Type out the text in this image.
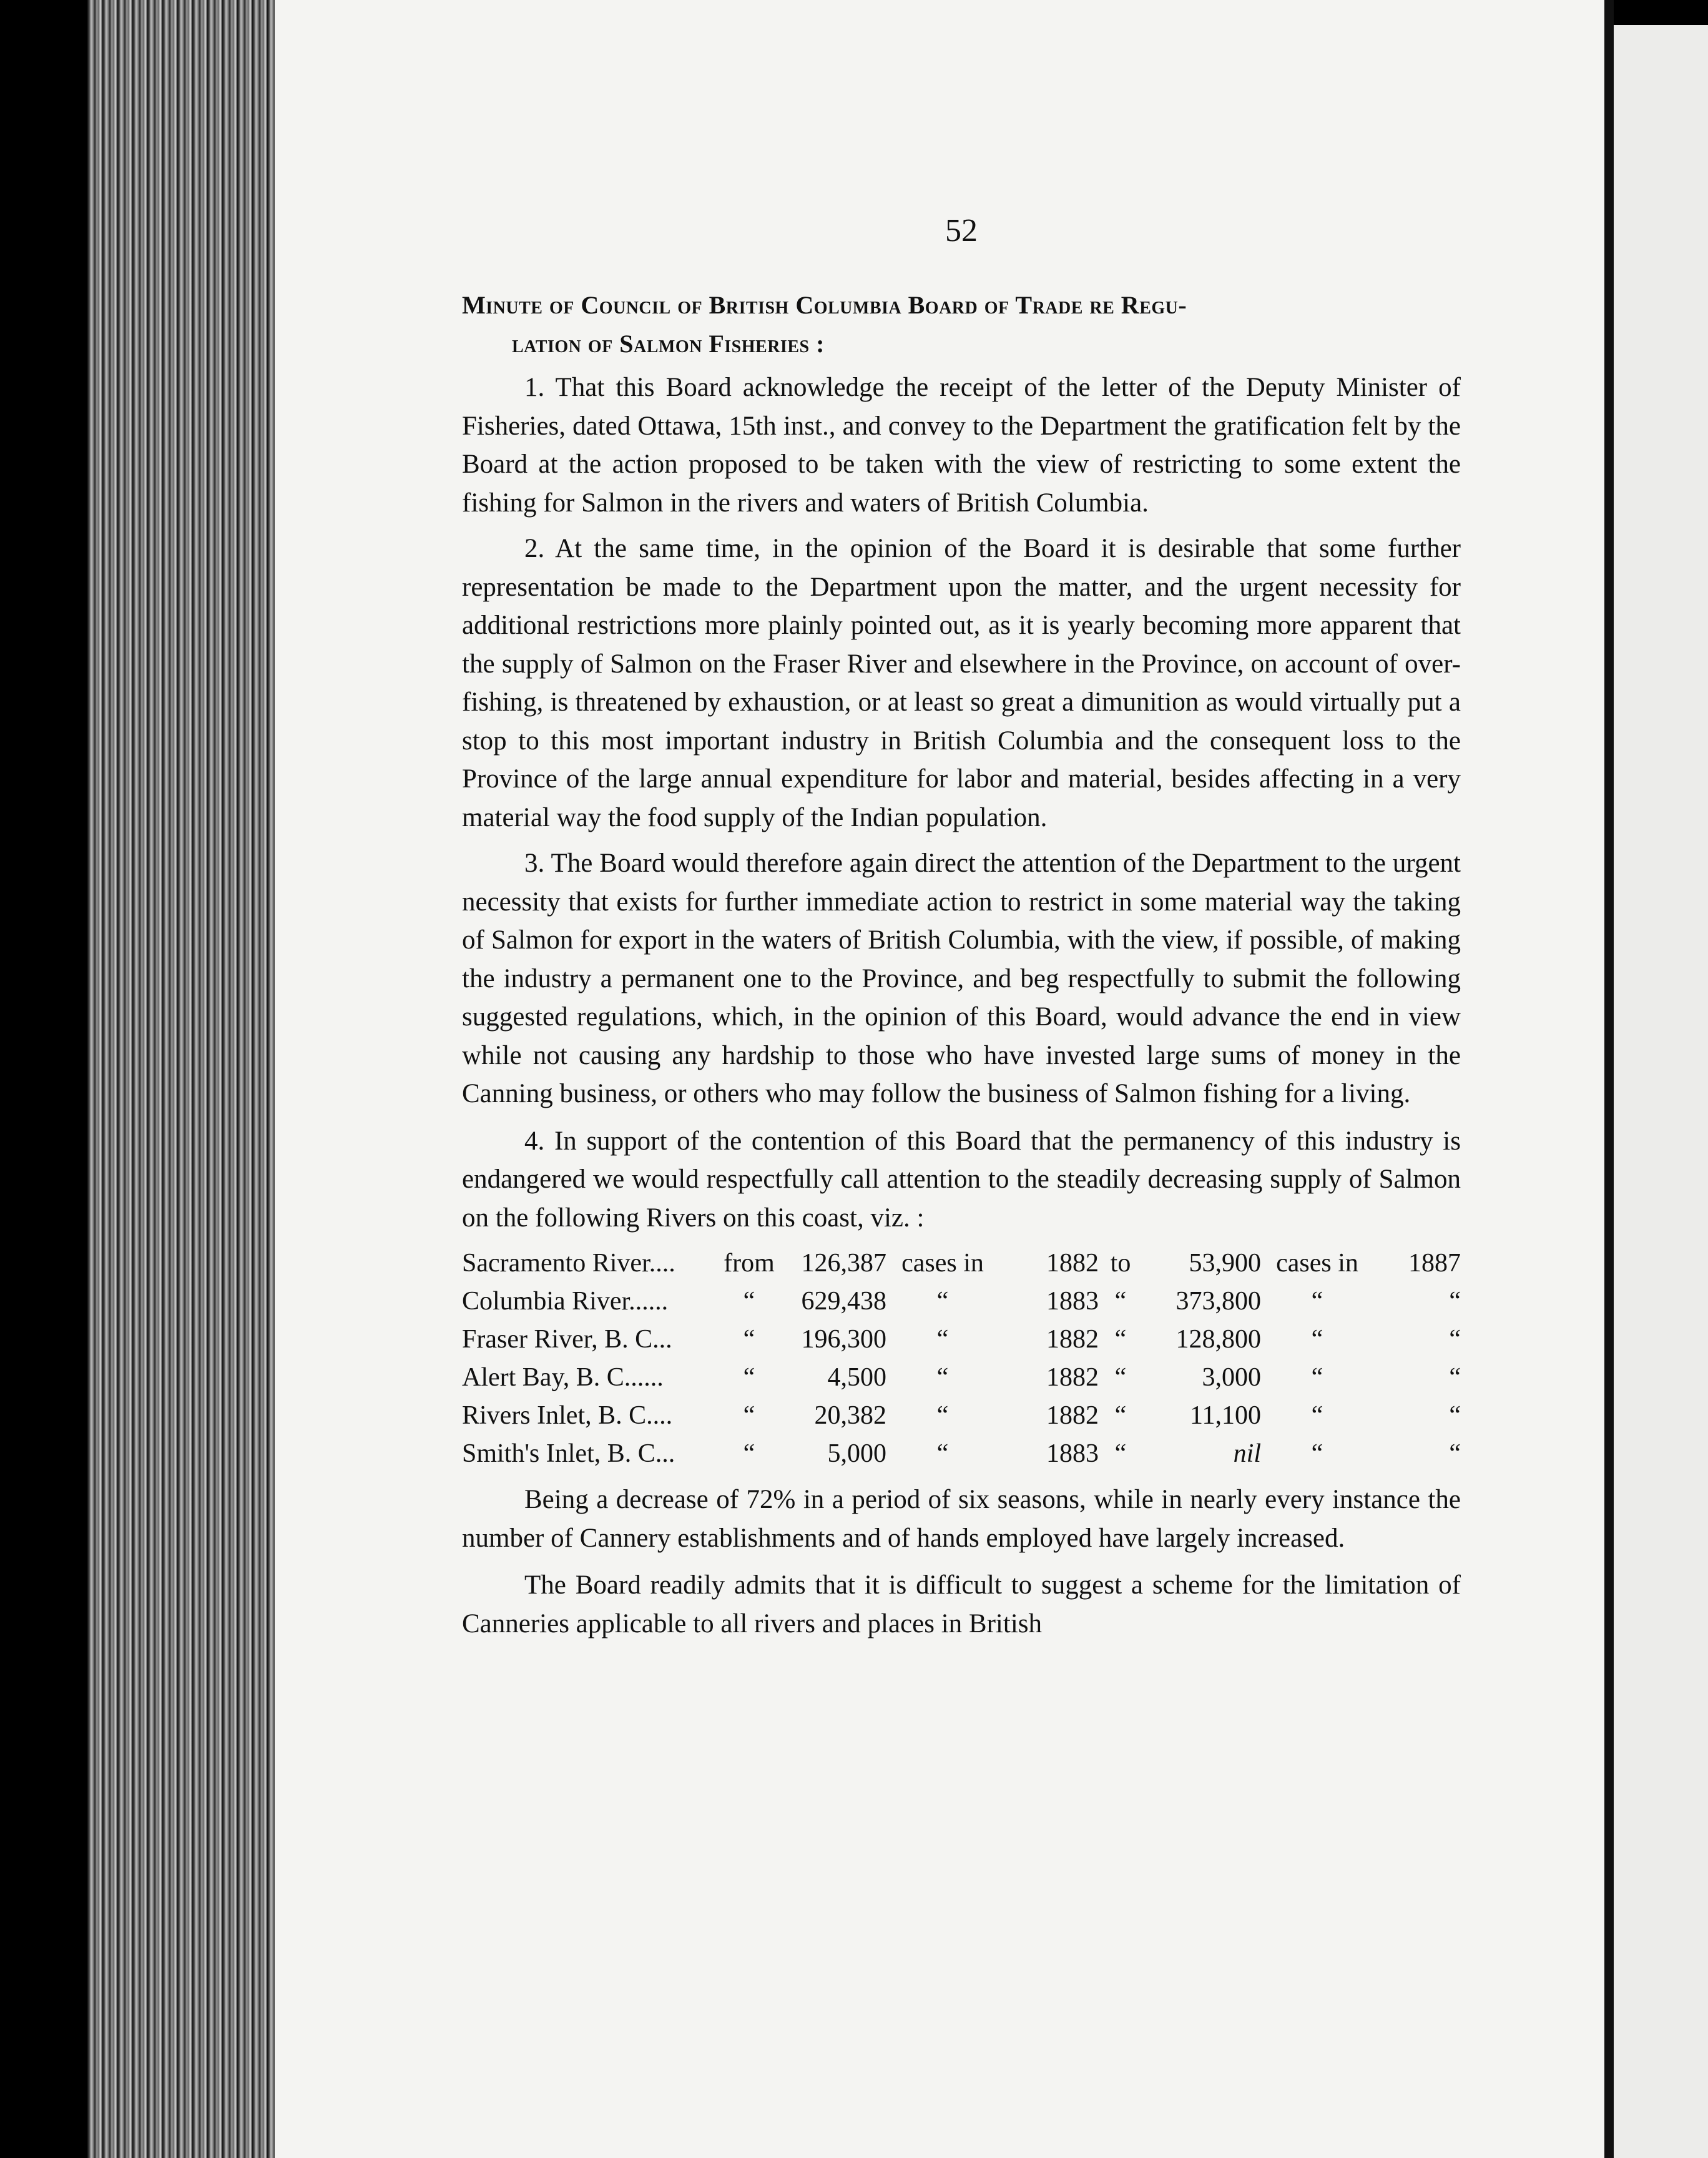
52
Minute of Council of British Columbia Board of Trade re Regu-
lation of Salmon Fisheries :

1. That this Board acknowledge the receipt of the letter of the Deputy Minister of Fisheries, dated Ottawa, 15th inst., and convey to the Department the gratification felt by the Board at the action proposed to be taken with the view of restricting to some extent the fishing for Salmon in the rivers and waters of British Columbia.

2. At the same time, in the opinion of the Board it is desirable that some further representation be made to the Department upon the matter, and the urgent necessity for additional restrictions more plainly pointed out, as it is yearly becoming more apparent that the supply of Salmon on the Fraser River and elsewhere in the Province, on account of over-fishing, is threatened by exhaustion, or at least so great a dimunition as would virtually put a stop to this most important industry in British Columbia and the consequent loss to the Province of the large annual expenditure for labor and material, besides affecting in a very material way the food supply of the Indian population.

3. The Board would therefore again direct the attention of the Department to the urgent necessity that exists for further immediate action to restrict in some material way the taking of Salmon for export in the waters of British Columbia, with the view, if possible, of making the industry a permanent one to the Province, and beg respectfully to submit the following suggested regulations, which, in the opinion of this Board, would advance the end in view while not causing any hardship to those who have invested large sums of money in the Canning business, or others who may follow the business of Salmon fishing for a living.

4. In support of the contention of this Board that the permanency of this industry is endangered we would respectfully call attention to the steadily decreasing supply of Salmon on the following Rivers on this coast, viz. :

Sacramento River....	from	126,387	cases in	1882	to	53,900	cases in	1887
Columbia River......	“	629,438	“	1883	“	373,800	“	“
Fraser River, B. C...	“	196,300	“	1882	“	128,800	“	“
Alert Bay, B. C......	“	4,500	“	1882	“	3,000	“	“
Rivers Inlet, B. C....	“	20,382	“	1882	“	11,100	“	“
Smith's Inlet, B. C...	“	5,000	“	1883	“	nil	“	“

Being a decrease of 72% in a period of six seasons, while in nearly every instance the number of Cannery establishments and of hands employed have largely increased.

The Board readily admits that it is difficult to suggest a scheme for the limitation of Canneries applicable to all rivers and places in British
